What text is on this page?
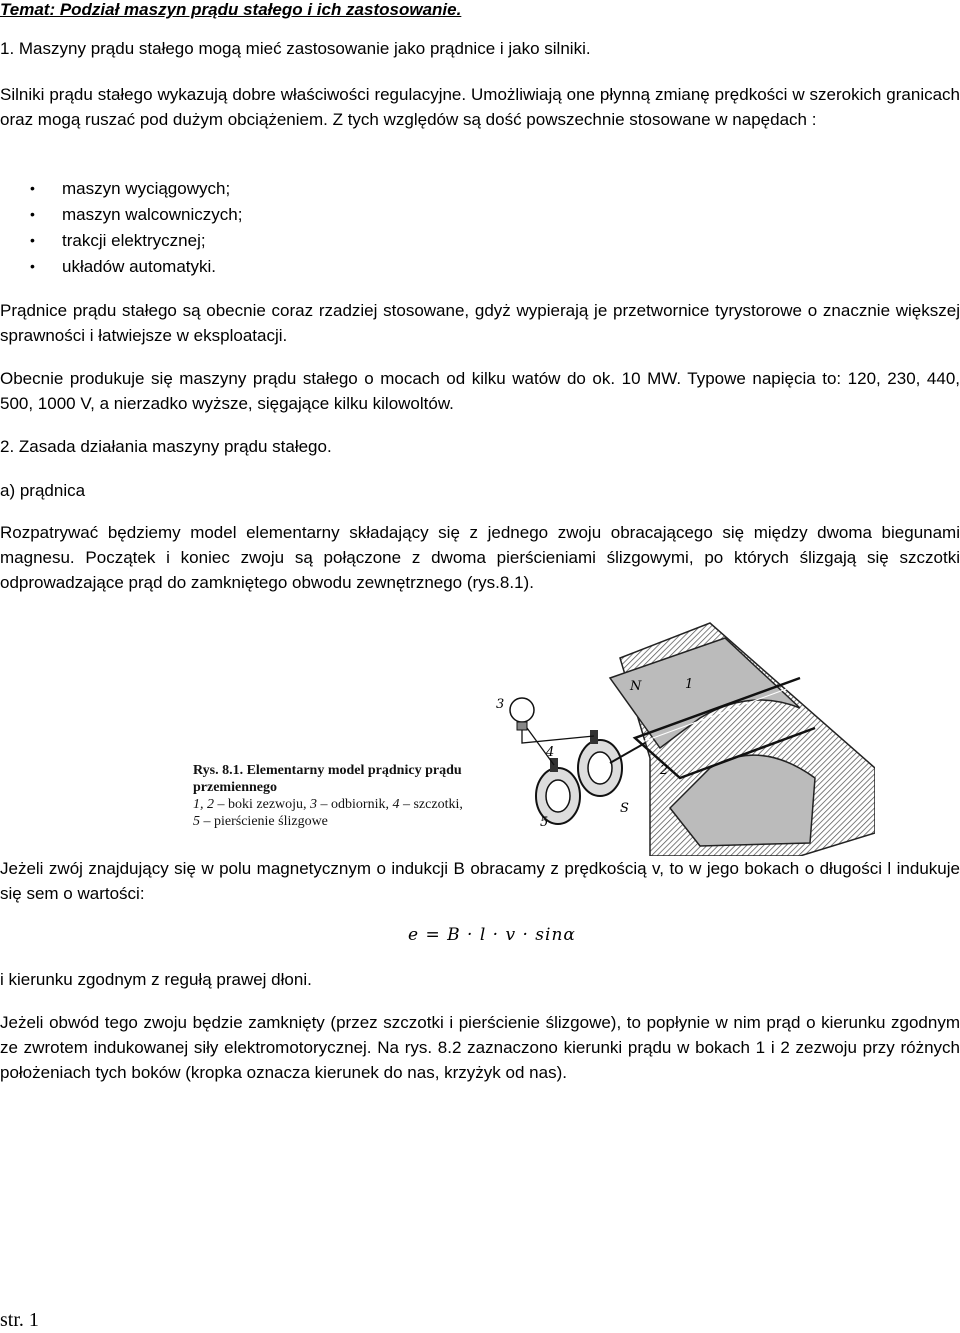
Temat: Podział maszyn prądu stałego i ich zastosowanie.

1. Maszyny prądu stałego mogą mieć zastosowanie jako prądnice i jako silniki.

Silniki prądu stałego wykazują dobre właściwości regulacyjne. Umożliwiają one płynną zmianę prędkości w szerokich granicach oraz mogą ruszać pod dużym obciążeniem. Z tych względów są dość powszechnie stosowane w napędach :

• maszyn wyciągowych;
• maszyn walcowniczych;
• trakcji elektrycznej;
• układów automatyki.

Prądnice prądu stałego są obecnie coraz rzadziej stosowane, gdyż wypierają je przetwornice tyrystorowe o znacznie większej sprawności i łatwiejsze w eksploatacji.

Obecnie produkuje się maszyny prądu stałego o mocach od kilku watów do ok. 10 MW. Typowe napięcia to: 120, 230, 440, 500, 1000 V, a nierzadko wyższe, sięgające kilku kilowoltów.

2. Zasada działania maszyny prądu stałego.

a) prądnica

Rozpatrywać będziemy model elementarny składający się z jednego zwoju obracającego się między dwoma biegunami magnesu. Początek i koniec zwoju są połączone z dwoma pierścieniami ślizgowymi, po których ślizgają się szczotki odprowadzające prąd do zamkniętego obwodu zewnętrznego (rys.8.1).

Rys. 8.1. Elementarny model prądnicy prądu przemiennego
1, 2 – boki zezwoju, 3 – odbiornik, 4 – szczotki, 5 – pierścienie ślizgowe
N	1
2
S
3
4
5

Jeżeli zwój znajdujący się w polu magnetycznym o indukcji B obracamy z prędkością v, to w jego bokach o długości l indukuje się sem o wartości:

e = B · l · v · sinα

i kierunku zgodnym z regułą prawej dłoni.

Jeżeli obwód tego zwoju będzie zamknięty (przez szczotki i pierścienie ślizgowe), to popłynie w nim prąd o kierunku zgodnym ze zwrotem indukowanej siły elektromotorycznej. Na rys. 8.2 zaznaczono kierunki prądu w bokach 1 i 2 zezwoju przy różnych położeniach tych boków (kropka oznacza kierunek do nas, krzyżyk od nas).

str. 1
